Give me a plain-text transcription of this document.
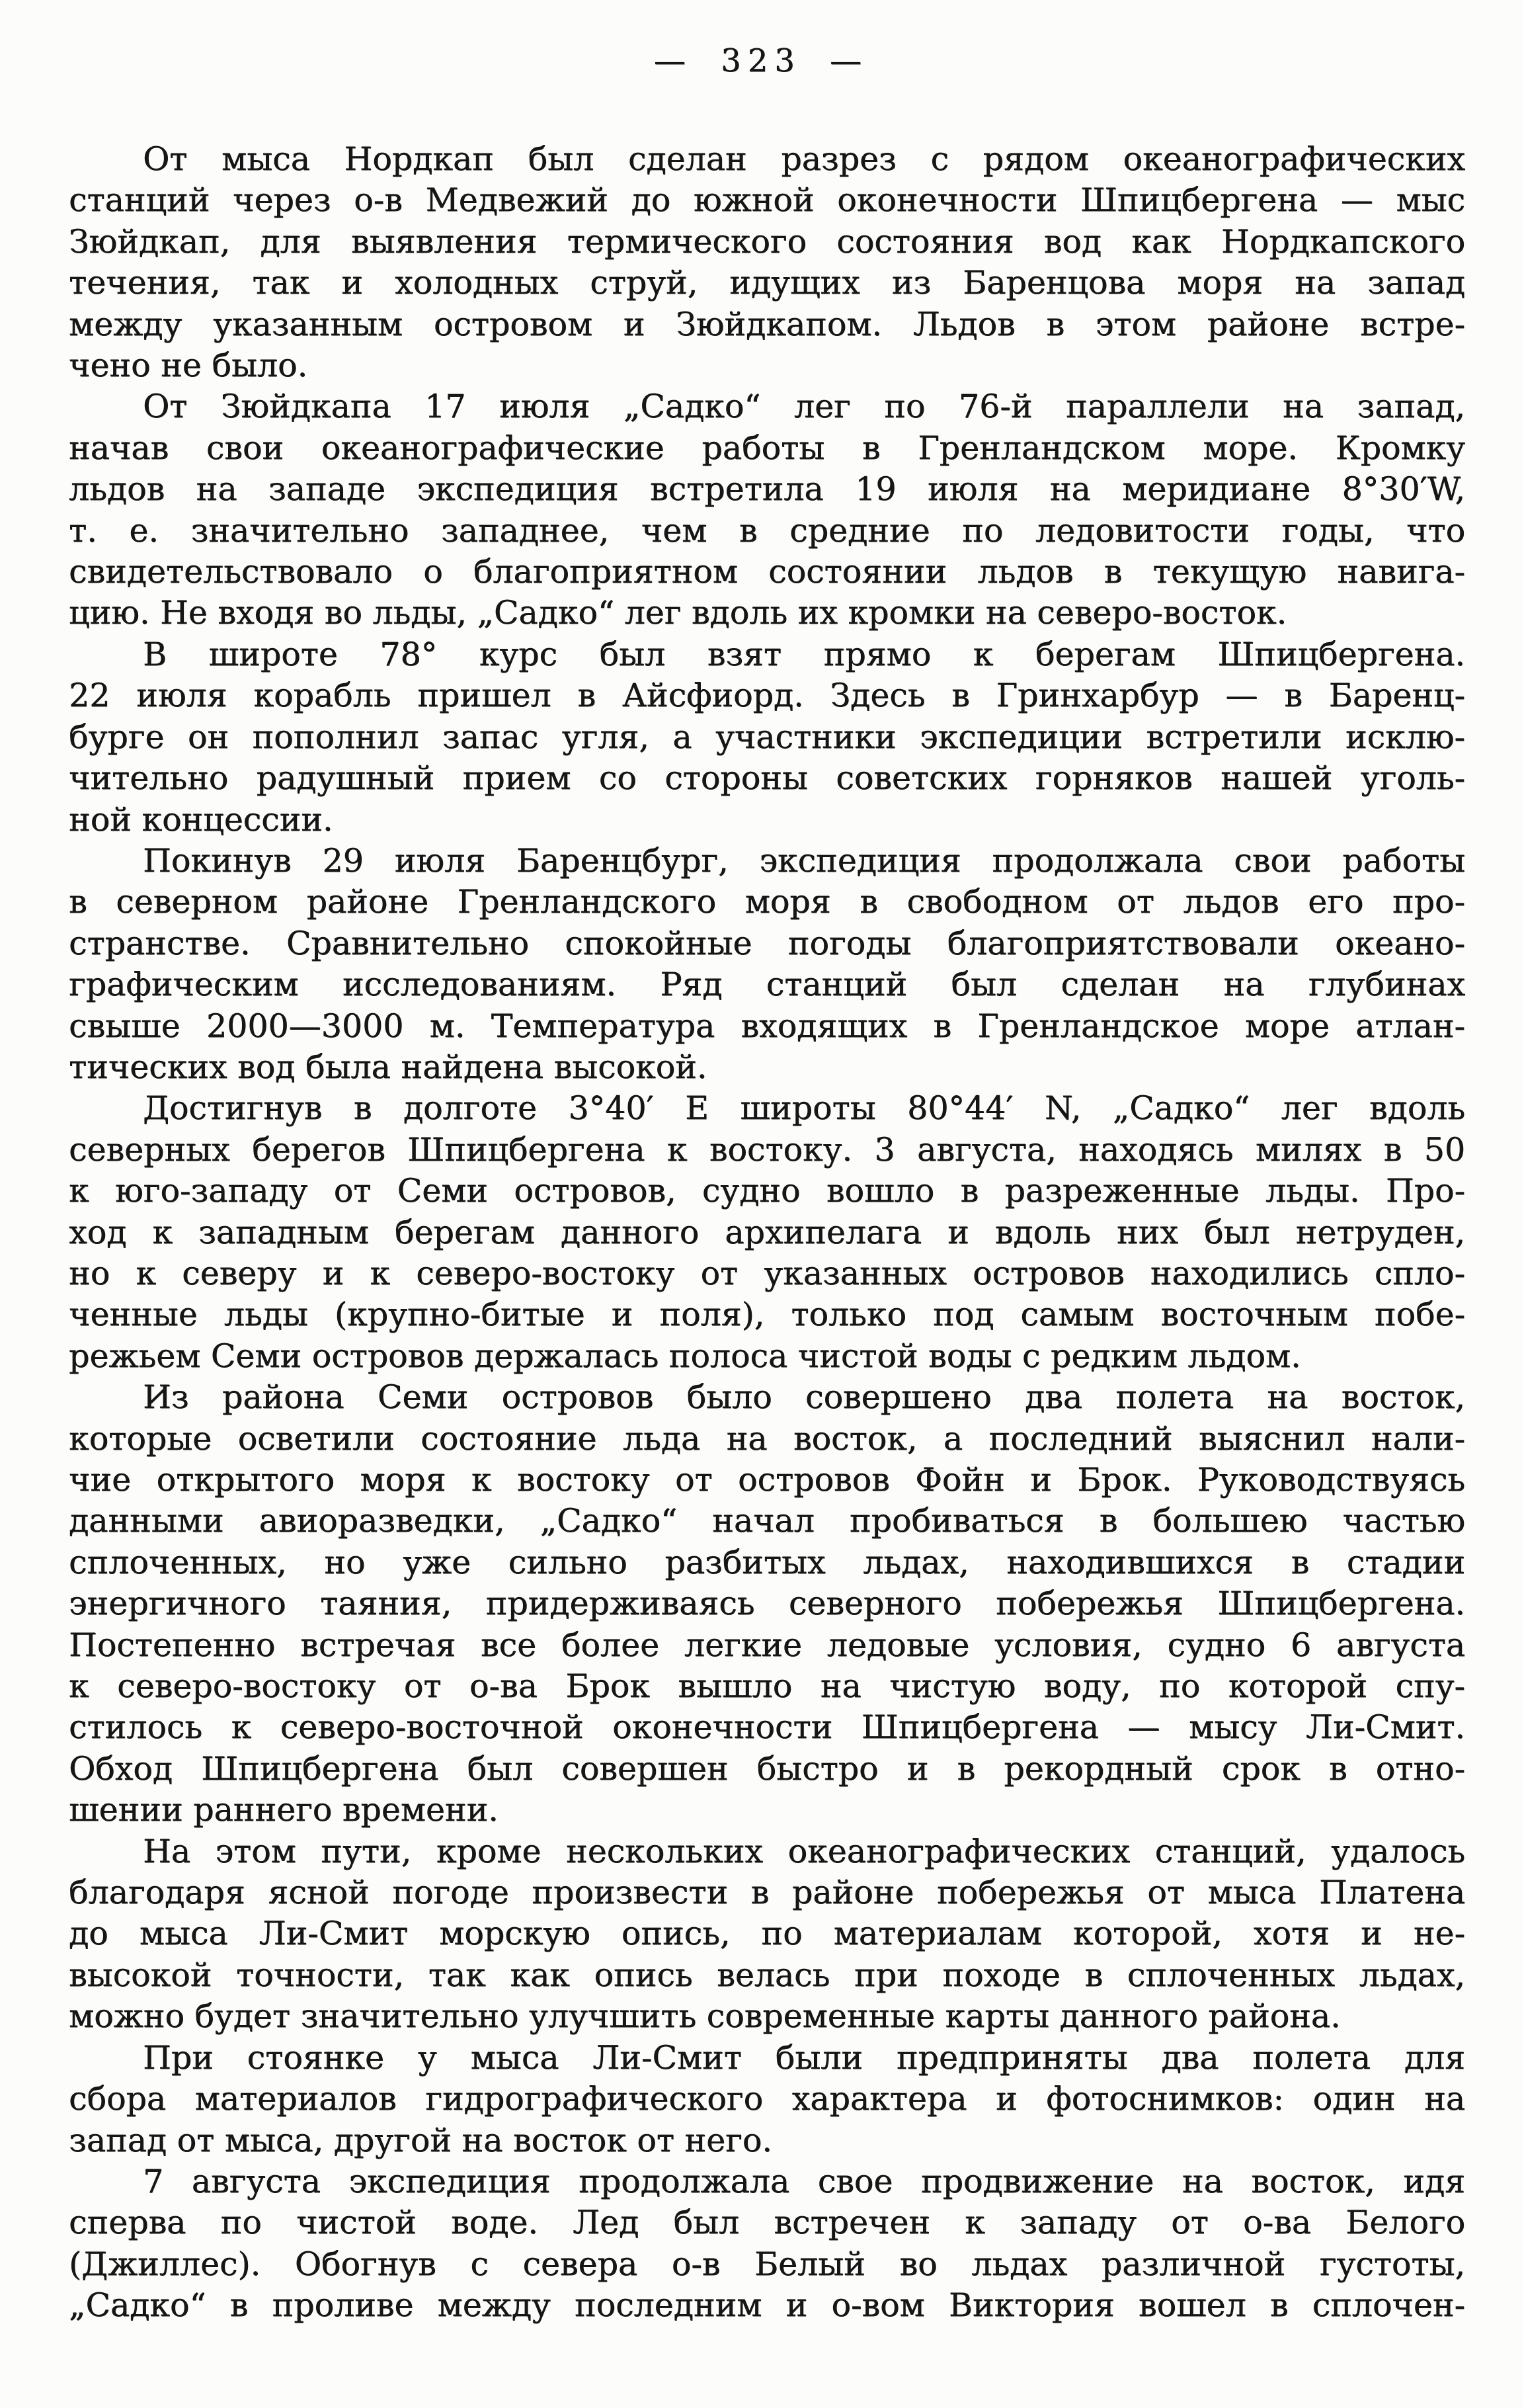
— 323 —
От мыса Нордкап был сделан разрез с рядом океанографических
станций через о-в Медвежий до южной оконечности Шпицбергена — мыс
Зюйдкап, для выявления термического состояния вод как Нордкапского
течения, так и холодных струй, идущих из Баренцова моря на запад
между указанным островом и Зюйдкапом. Льдов в этом районе встре-
чено не было.
От Зюйдкапа 17 июля „Садко“ лег по 76-й параллели на запад,
начав свои океанографические работы в Гренландском море. Кромку
льдов на западе экспедиция встретила 19 июля на меридиане 8°30′W,
т. е. значительно западнее, чем в средние по ледовитости годы, что
свидетельствовало о благоприятном состоянии льдов в текущую навига-
цию. Не входя во льды, „Садко“ лег вдоль их кромки на северо-восток.
В широте 78° курс был взят прямо к берегам Шпицбергена.
22 июля корабль пришел в Айсфиорд. Здесь в Гринхарбур — в Баренц-
бурге он пополнил запас угля, а участники экспедиции встретили исклю-
чительно радушный прием со стороны советских горняков нашей уголь-
ной концессии.
Покинув 29 июля Баренцбург, экспедиция продолжала свои работы
в северном районе Гренландского моря в свободном от льдов его про-
странстве. Сравнительно спокойные погоды благоприятствовали океано-
графическим исследованиям. Ряд станций был сделан на глубинах
свыше 2000—3000 м. Температура входящих в Гренландское море атлан-
тических вод была найдена высокой.
Достигнув в долготе 3°40′ E широты 80°44′ N, „Садко“ лег вдоль
северных берегов Шпицбергена к востоку. 3 августа, находясь милях в 50
к юго-западу от Семи островов, судно вошло в разреженные льды. Про-
ход к западным берегам данного архипелага и вдоль них был нетруден,
но к северу и к северо-востоку от указанных островов находились спло-
ченные льды (крупно-битые и поля), только под самым восточным побе-
режьем Семи островов держалась полоса чистой воды с редким льдом.
Из района Семи островов было совершено два полета на восток,
которые осветили состояние льда на восток, а последний выяснил нали-
чие открытого моря к востоку от островов Фойн и Брок. Руководствуясь
данными авиоразведки, „Садко“ начал пробиваться в большею частью
сплоченных, но уже сильно разбитых льдах, находившихся в стадии
энергичного таяния, придерживаясь северного побережья Шпицбергена.
Постепенно встречая все более легкие ледовые условия, судно 6 августа
к северо-востоку от о-ва Брок вышло на чистую воду, по которой спу-
стилось к северо-восточной оконечности Шпицбергена — мысу Ли-Смит.
Обход Шпицбергена был совершен быстро и в рекордный срок в отно-
шении раннего времени.
На этом пути, кроме нескольких океанографических станций, удалось
благодаря ясной погоде произвести в районе побережья от мыса Платена
до мыса Ли-Смит морскую опись, по материалам которой, хотя и не-
высокой точности, так как опись велась при походе в сплоченных льдах,
можно будет значительно улучшить современные карты данного района.
При стоянке у мыса Ли-Смит были предприняты два полета для
сбора материалов гидрографического характера и фотоснимков: один на
запад от мыса, другой на восток от него.
7 августа экспедиция продолжала свое продвижение на восток, идя
сперва по чистой воде. Лед был встречен к западу от о-ва Белого
(Джиллес). Обогнув с севера о-в Белый во льдах различной густоты,
„Садко“ в проливе между последним и о-вом Виктория вошел в сплочен-
